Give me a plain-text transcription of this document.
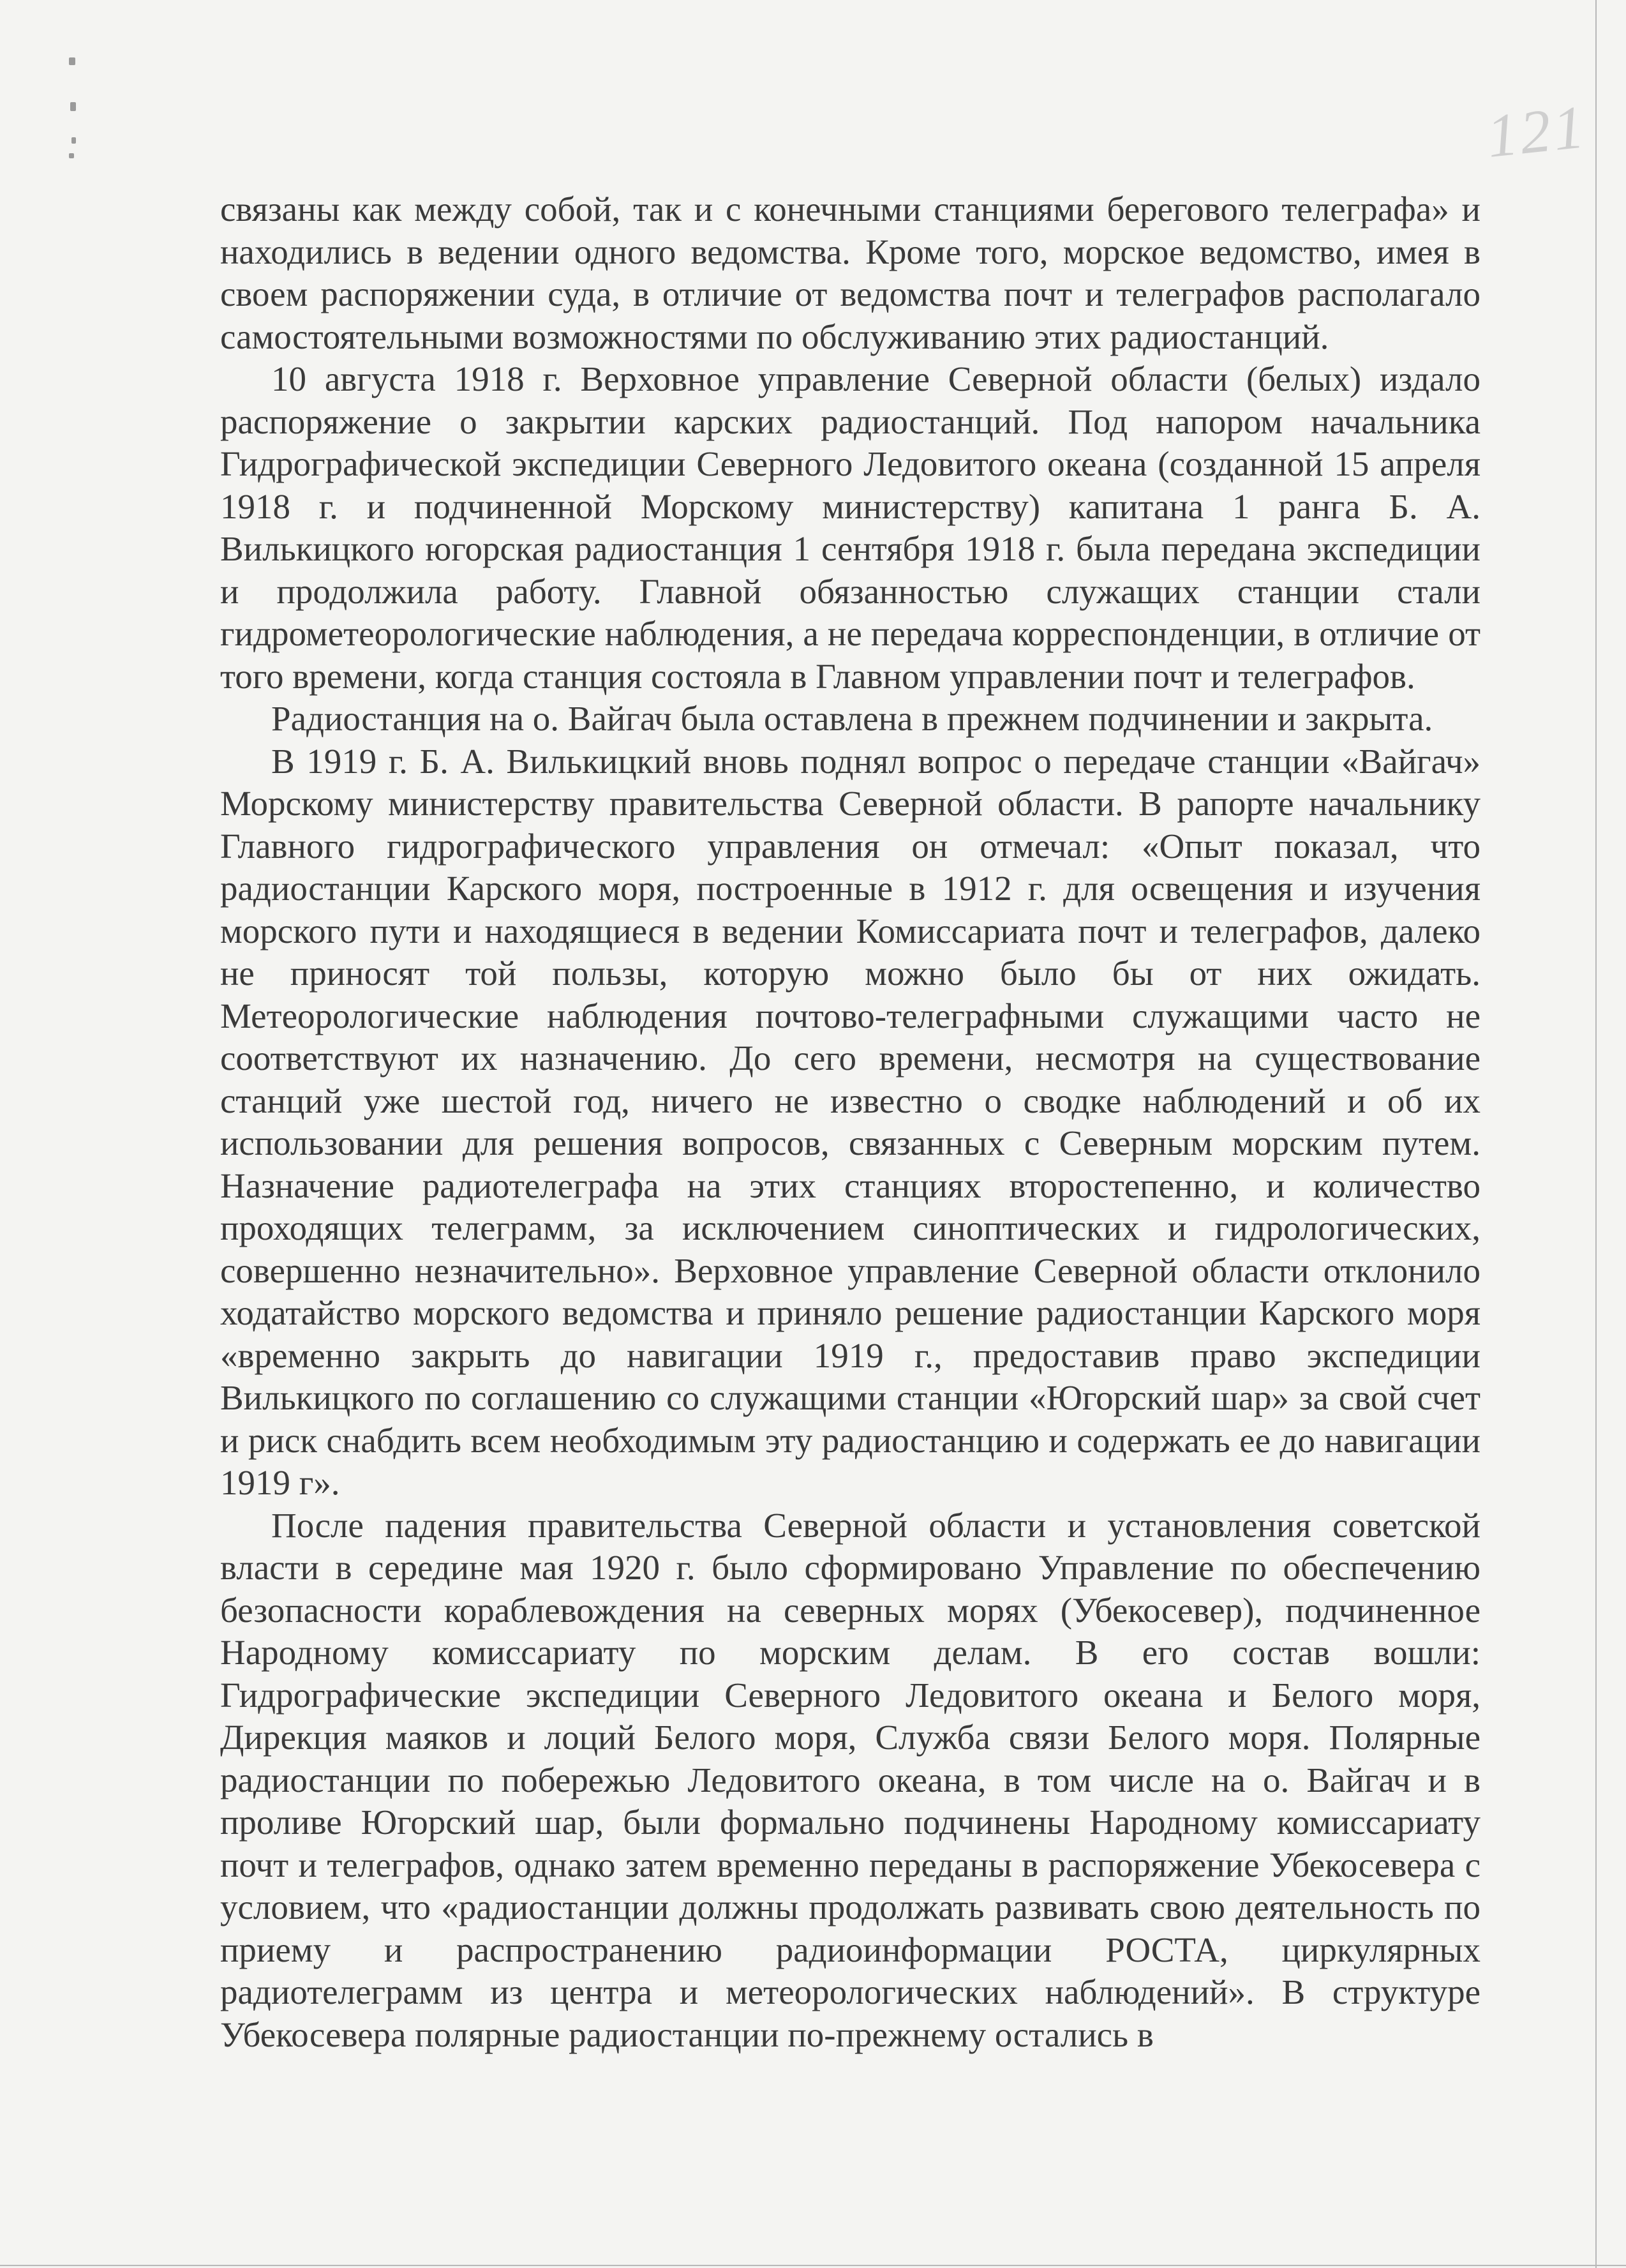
121

связаны как между собой, так и с конечными станциями берегового телеграфа» и находились в ведении одного ведомства. Кроме того, морское ведомство, имея в своем распоряжении суда, в отличие от ведомства почт и телеграфов располагало самостоятельными возможностями по обслуживанию этих радиостанций.

10 августа 1918 г. Верховное управление Северной области (белых) издало распоряжение о закрытии карских радиостанций. Под напором начальника Гидрографической экспедиции Северного Ледовитого океана (созданной 15 апреля 1918 г. и подчиненной Морскому министерству) капитана 1 ранга Б. А. Вилькицкого югорская радиостанция 1 сентября 1918 г. была передана экспедиции и продолжила работу. Главной обязанностью служащих станции стали гидрометеорологические наблюдения, а не передача корреспонденции, в отличие от того времени, когда станция состояла в Главном управлении почт и телеграфов.

Радиостанция на о. Вайгач была оставлена в прежнем подчинении и закрыта.

В 1919 г. Б. А. Вилькицкий вновь поднял вопрос о передаче станции «Вайгач» Морскому министерству правительства Северной области. В рапорте начальнику Главного гидрографического управления он отмечал: «Опыт показал, что радиостанции Карского моря, построенные в 1912 г. для освещения и изучения морского пути и находящиеся в ведении Комиссариата почт и телеграфов, далеко не приносят той пользы, которую можно было бы от них ожидать. Метеорологические наблюдения почтово-телеграфными служащими часто не соответствуют их назначению. До сего времени, несмотря на существование станций уже шестой год, ничего не известно о сводке наблюдений и об их использовании для решения вопросов, связанных с Северным морским путем. Назначение радиотелеграфа на этих станциях второстепенно, и количество проходящих телеграмм, за исключением синоптических и гидрологических, совершенно незначительно». Верховное управление Северной области отклонило ходатайство морского ведомства и приняло решение радиостанции Карского моря «временно закрыть до навигации 1919 г., предоставив право экспедиции Вилькицкого по соглашению со служащими станции «Югорский шар» за свой счет и риск снабдить всем необходимым эту радиостанцию и содержать ее до навигации 1919 г».

После падения правительства Северной области и установления советской власти в середине мая 1920 г. было сформировано Управление по обеспечению безопасности кораблевождения на северных морях (Убекосевер), подчиненное Народному комиссариату по морским делам. В его состав вошли: Гидрографические экспедиции Северного Ледовитого океана и Белого моря, Дирекция маяков и лоций Белого моря, Служба связи Белого моря. Полярные радиостанции по побережью Ледовитого океана, в том числе на о. Вайгач и в проливе Югорский шар, были формально подчинены Народному комиссариату почт и телеграфов, однако затем временно переданы в распоряжение Убекосевера с условием, что «радиостанции должны продолжать развивать свою деятельность по приему и распространению радиоинформации РОСТА, циркулярных радиотелеграмм из центра и метеорологических наблюдений». В структуре Убекосевера полярные радиостанции по-прежнему остались в
